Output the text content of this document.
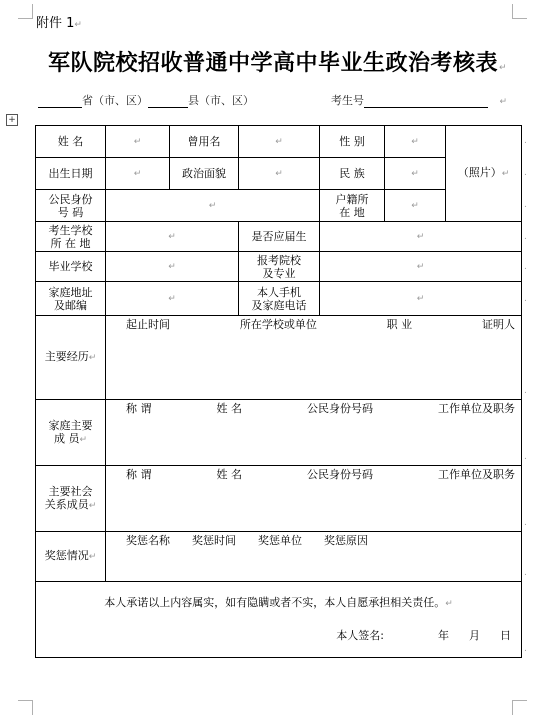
附件 1↵
军队院校招收普通中学高中毕业生政治考核表↵
省（市、区）	县（市、区）	考生号	↵
+
姓 名	↵	曾用名	↵	性 别	↵	（照片）↵
出生日期	↵	政治面貌	↵	民 族	↵	
公民身份
号 码	↵			户籍所
在 地	↵	
考生学校
所 在 地	↵		是否应届生	↵		
毕业学校	↵		报考院校
及专业	↵		
家庭地址
及邮编	↵		本人手机
及家庭电话	↵		
主要经历↵	起止时间 所在学校或单位 职 业 证明人					

家庭主要
成 员↵	称 谓 姓 名 公民身份号码 工作单位及职务					

主要社会
关系成员↵	称 谓 姓 名 公民身份号码 工作单位及职务					

奖惩情况↵	奖惩名称 奖惩时间 奖惩单位 奖惩原因					

本人承诺以上内容属实，如有隐瞒或者不实，本人自愿承担相关责任。↵
本人签名: 年 月 日						
.
.
.
.
.
.
.
.
.
.
.
